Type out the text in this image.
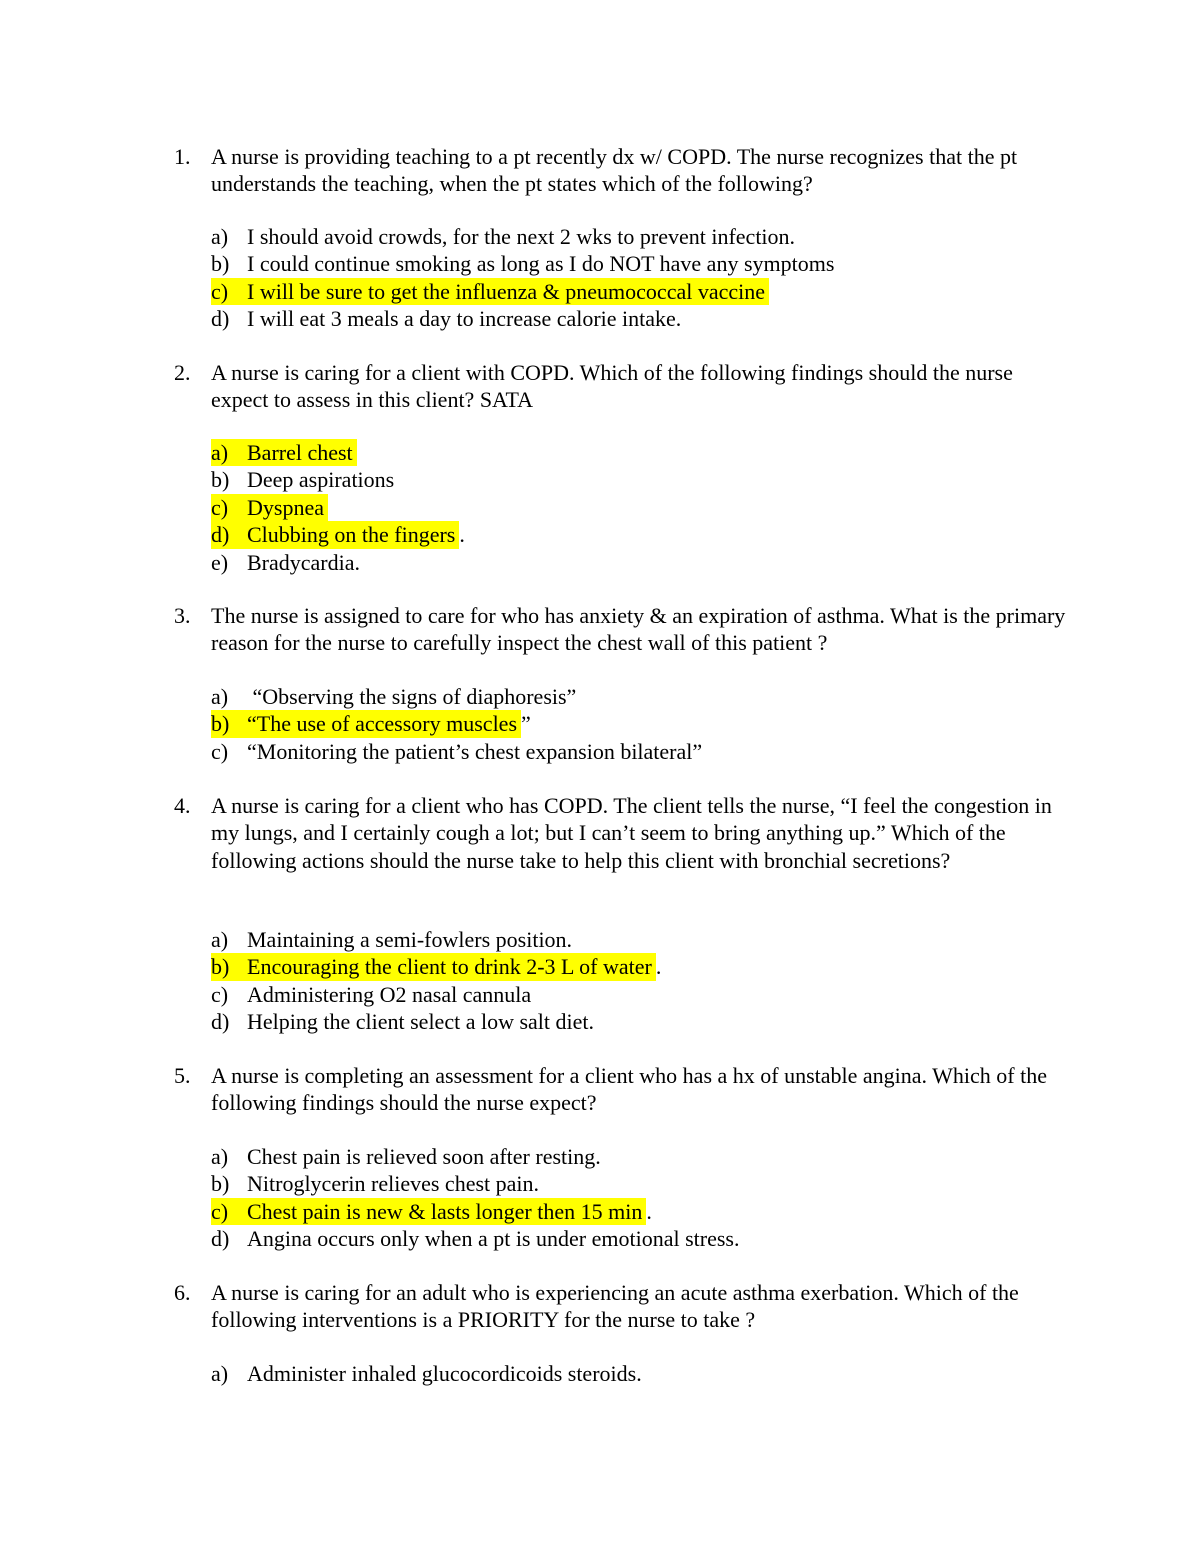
1. A nurse is providing teaching to a pt recently dx w/ COPD. The nurse recognizes that the pt understands the teaching, when the pt states which of the following?
a) I should avoid crowds, for the next 2 wks to prevent infection.
b) I could continue smoking as long as I do NOT have any symptoms
c) I will be sure to get the influenza & pneumococcal vaccine
d) I will eat 3 meals a day to increase calorie intake.
2. A nurse is caring for a client with COPD. Which of the following findings should the nurse expect to assess in this client? SATA
a) Barrel chest
b) Deep aspirations
c) Dyspnea
d) Clubbing on the fingers .
e) Bradycardia.
3. The nurse is assigned to care for who has anxiety & an expiration of asthma. What is the primary reason for the nurse to carefully inspect the chest wall of this patient ?
a) “Observing the signs of diaphoresis”
b) “The use of accessory muscles ”
c) “Monitoring the patient’s chest expansion bilateral”
4. A nurse is caring for a client who has COPD. The client tells the nurse, “I feel the congestion in my lungs, and I certainly cough a lot; but I can’t seem to bring anything up.” Which of the following actions should the nurse take to help this client with bronchial secretions?
a) Maintaining a semi-fowlers position.
b) Encouraging the client to drink 2-3 L of water .
c) Administering O2 nasal cannula
d) Helping the client select a low salt diet.
5. A nurse is completing an assessment for a client who has a hx of unstable angina. Which of the following findings should the nurse expect?
a) Chest pain is relieved soon after resting.
b) Nitroglycerin relieves chest pain.
c) Chest pain is new & lasts longer then 15 min .
d) Angina occurs only when a pt is under emotional stress.
6. A nurse is caring for an adult who is experiencing an acute asthma exerbation. Which of the following interventions is a PRIORITY for the nurse to take ?
a) Administer inhaled glucocordicoids steroids.
